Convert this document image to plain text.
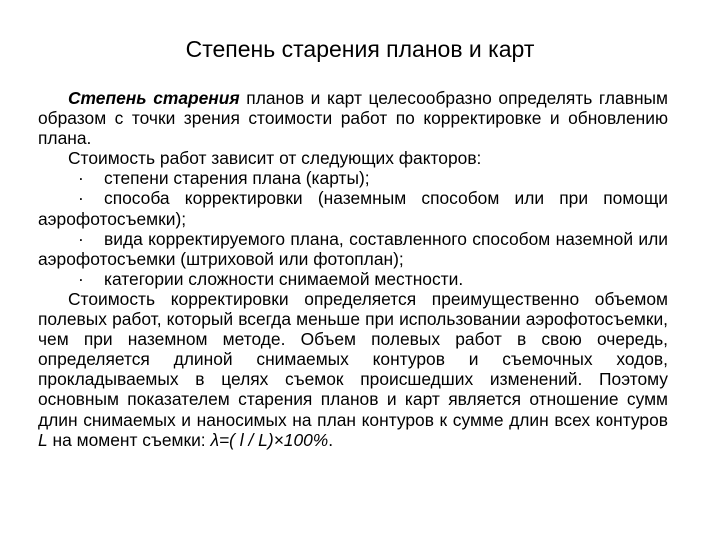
Степень старения планов и карт

Степень старения планов и карт целесообразно определять главным образом с точки зрения стоимости работ по корректировке и обновлению плана.

Стоимость работ зависит от следующих факторов:

· степени старения плана (карты);

· способа корректировки (наземным способом или при помощи аэрофотосъемки);

· вида корректируемого плана, составленного способом наземной или аэрофотосъемки (штриховой или фотоплан);

· категории сложности снимаемой местности.

Стоимость корректировки определяется преимущественно объемом полевых работ, который всегда меньше при использовании аэрофотосъемки, чем при наземном методе. Объем полевых работ в свою очередь, определяется длиной снимаемых контуров и съемочных ходов, прокладываемых в целях съемок происшедших изменений. Поэтому основным показателем старения планов и карт является отношение сумм длин снимаемых и наносимых на план контуров к сумме длин всех контуров L на момент съемки: λ=( l / L)×100%.
